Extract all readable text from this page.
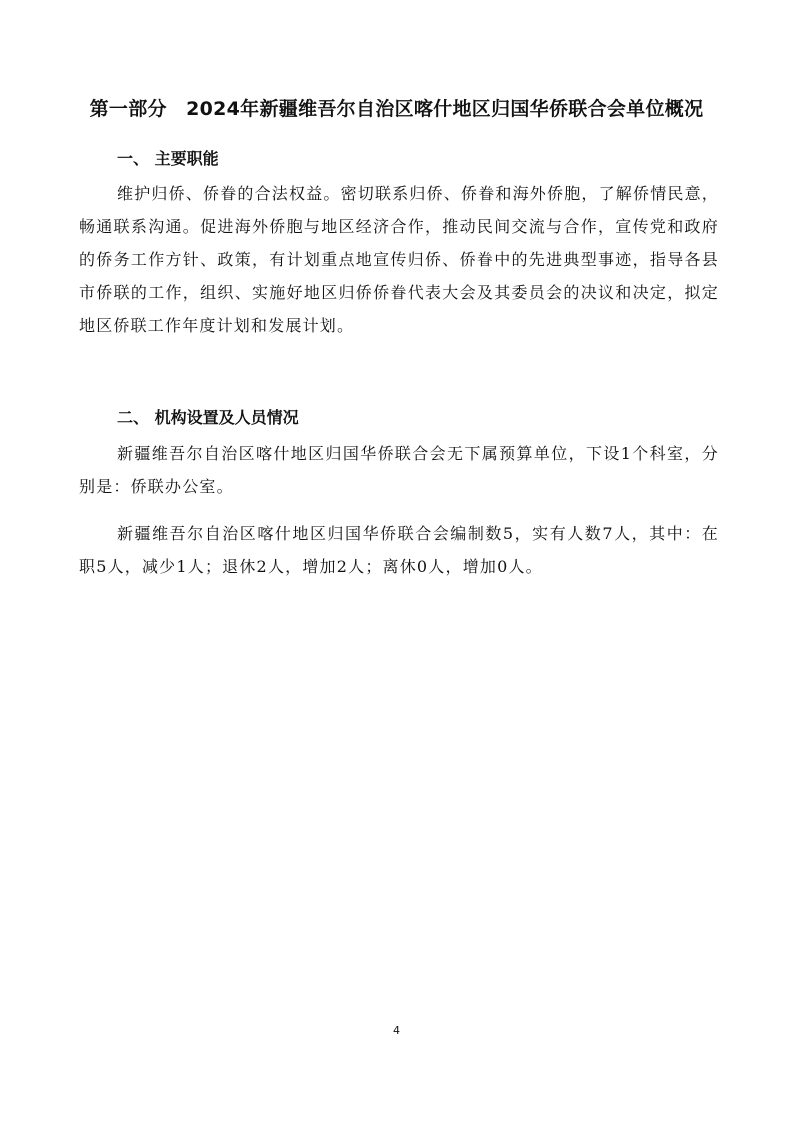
第一部分　2024年新疆维吾尔自治区喀什地区归国华侨联合会单位概况
一、 主要职能
维护归侨、侨眷的合法权益。密切联系归侨、侨眷和海外侨胞，了解侨情民意，畅通联系沟通。促进海外侨胞与地区经济合作，推动民间交流与合作，宣传党和政府的侨务工作方针、政策，有计划重点地宣传归侨、侨眷中的先进典型事迹，指导各县市侨联的工作，组织、实施好地区归侨侨眷代表大会及其委员会的决议和决定，拟定地区侨联工作年度计划和发展计划。
二、 机构设置及人员情况
新疆维吾尔自治区喀什地区归国华侨联合会无下属预算单位，下设1个科室，分别是：侨联办公室。
新疆维吾尔自治区喀什地区归国华侨联合会编制数5，实有人数7人，其中：在职5人，减少1人；退休2人，增加2人；离休0人，增加0人。
4
